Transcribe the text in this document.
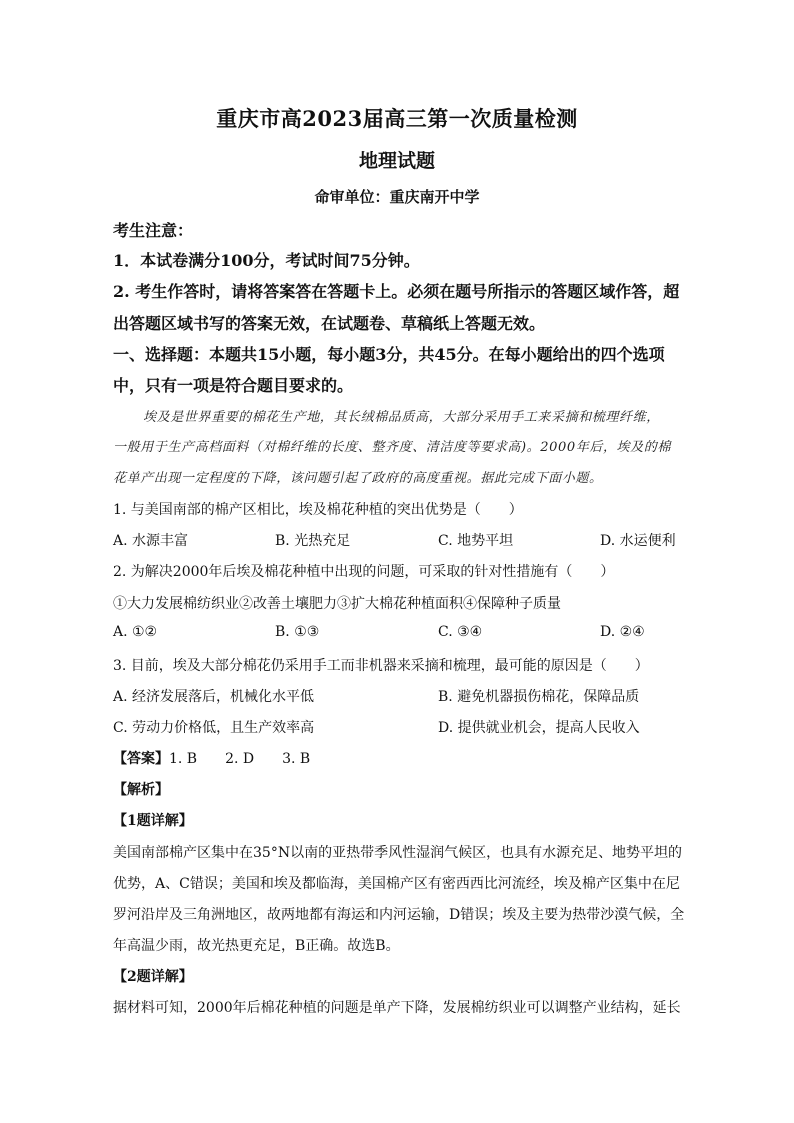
重庆市高2023届高三第一次质量检测
地理试题
命审单位：重庆南开中学
考生注意：
1．本试卷满分100分，考试时间75分钟。
2. 考生作答时，请将答案答在答题卡上。必须在题号所指示的答题区域作答，超
出答题区域书写的答案无效，在试题卷、草稿纸上答题无效。
一、选择题：本题共15小题，每小题3分，共45分。在每小题给出的四个选项
中，只有一项是符合题目要求的。
埃及是世界重要的棉花生产地，其长绒棉品质高，大部分采用手工来采摘和梳理纤维，
一般用于生产高档面料（对棉纤维的长度、整齐度、清洁度等要求高)。2000年后，埃及的棉
花单产出现一定程度的下降，该问题引起了政府的高度重视。据此完成下面小题。
1. 与美国南部的棉产区相比，埃及棉花种植的突出优势是（　　）
A. 水源丰富	B. 光热充足	C. 地势平坦	D. 水运便利
2. 为解决2000年后埃及棉花种植中出现的问题，可采取的针对性措施有（　　）
①大力发展棉纺织业②改善土壤肥力③扩大棉花种植面积④保障种子质量
A. ①②	B. ①③	C. ③④	D. ②④
3. 目前，埃及大部分棉花仍采用手工而非机器来采摘和梳理，最可能的原因是（　　）
A. 经济发展落后，机械化水平低	B. 避免机器损伤棉花，保障品质
C. 劳动力价格低，且生产效率高	D. 提供就业机会，提高人民收入
【答案】1. B　　2. D　　3. B
【解析】
【1题详解】
美国南部棉产区集中在35°N以南的亚热带季风性湿润气候区，也具有水源充足、地势平坦的
优势，A、C错误；美国和埃及都临海，美国棉产区有密西西比河流经，埃及棉产区集中在尼
罗河沿岸及三角洲地区，故两地都有海运和内河运输，D错误；埃及主要为热带沙漠气候，全
年高温少雨，故光热更充足，B正确。故选B。
【2题详解】
据材料可知，2000年后棉花种植的问题是单产下降，发展棉纺织业可以调整产业结构，延长
